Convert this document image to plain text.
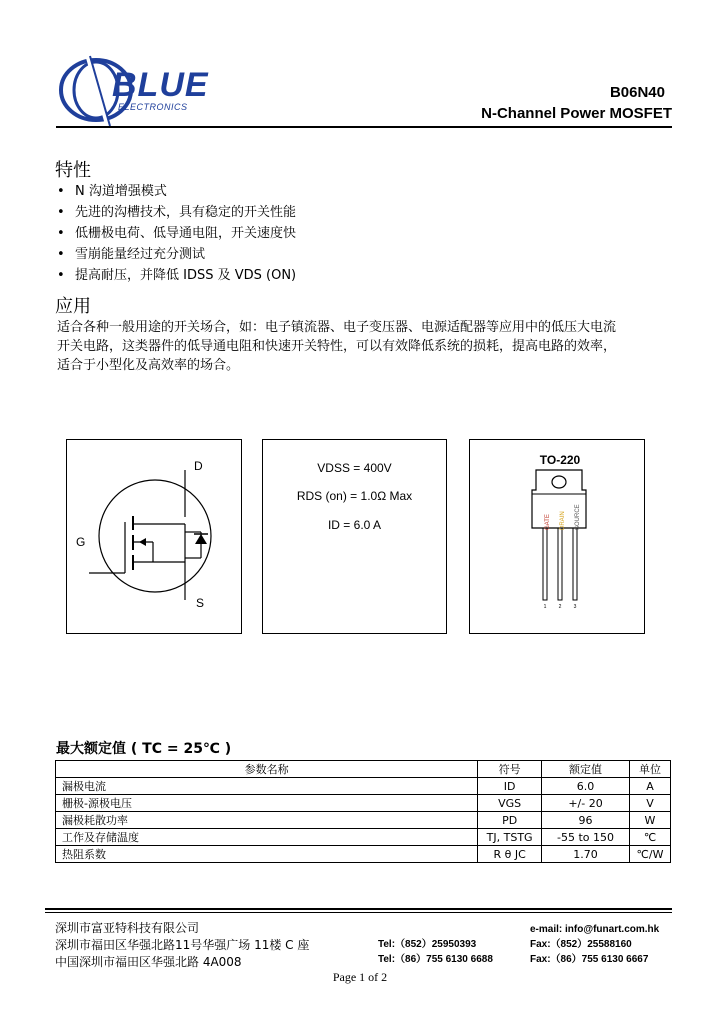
BLUE
ELECTRONICS
B06N40
N-Channel Power MOSFET
特性
• N 沟道增强模式
• 先进的沟槽技术，具有稳定的开关性能
• 低栅极电荷、低导通电阻，开关速度快
• 雪崩能量经过充分测试
• 提高耐压，并降低 IDSS 及 VDS (ON)
应用
适合各种一般用途的开关场合，如：电子镇流器、电子变压器、电源适配器等应用中的低压大电流
开关电路，这类器件的低导通电阻和快速开关特性，可以有效降低系统的损耗，提高电路的效率，
适合于小型化及高效率的场合。
D
G
S
VDSS = 400V
RDS (on) = 1.0Ω Max
ID = 6.0 A
TO-220
GATE DRAIN SOURCE
1 2 3
最大额定值 ( TC = 25℃ )
参数名称	符号	额定值	单位
漏极电流	ID	6.0	A
栅极-源极电压	VGS	+/- 20	V
漏极耗散功率	PD	96	W
工作及存储温度	TJ, TSTG	-55 to 150	℃
热阻系数	R θ JC	1.70	℃/W
深圳市富亚特科技有限公司
深圳市福田区华强北路11号华强广场 11楼 C 座
中国深圳市福田区华强北路 4A008
Tel:（852）25950393
Tel:（86）755 6130 6688
e-mail: info@funart.com.hk
Fax:（852）25588160
Fax:（86）755 6130 6667
Page 1 of 2
